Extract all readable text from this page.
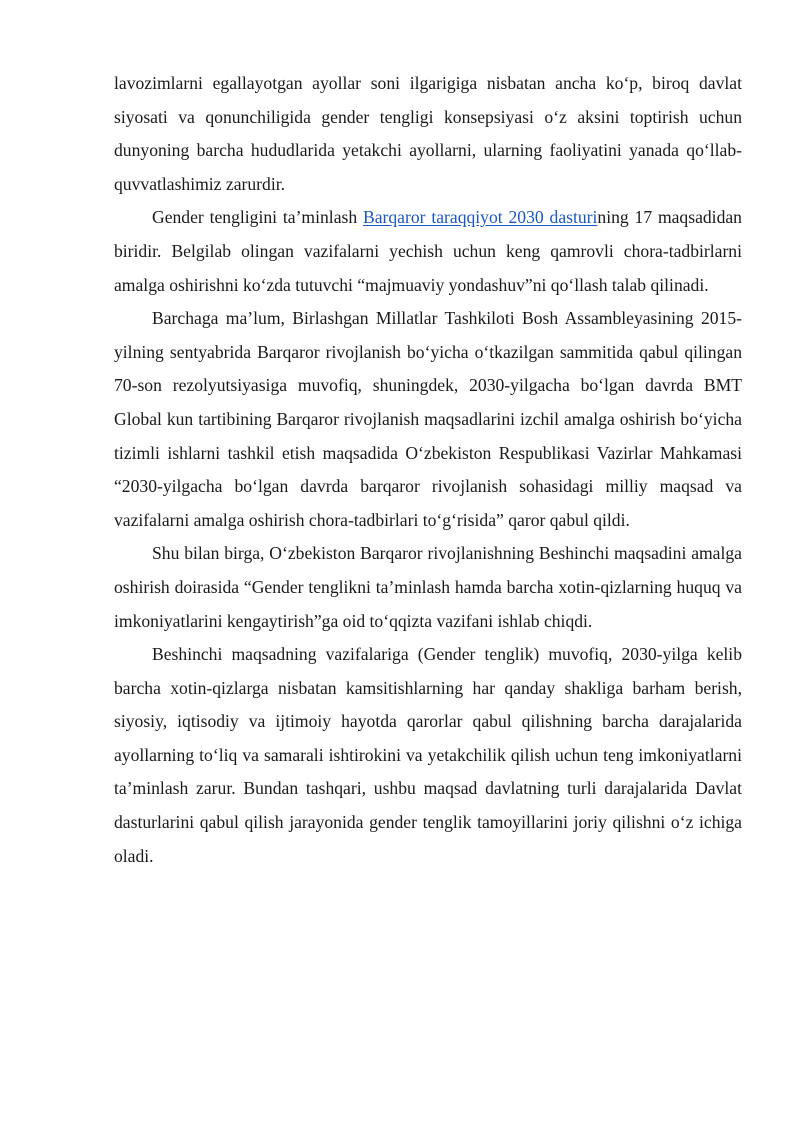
lavozimlarni egallayotgan ayollar soni ilgarigiga nisbatan ancha ko‘p, biroq davlat siyosati va qonunchiligida gender tengligi konsepsiyasi o‘z aksini toptirish uchun dunyoning barcha hududlarida yetakchi ayollarni, ularning faoliyatini yanada qo‘llab-quvvatlashimiz zarurdir.

Gender tengligini ta’minlash Barqaror taraqqiyot 2030 dasturining 17 maqsadidan biridir. Belgilab olingan vazifalarni yechish uchun keng qamrovli chora-tadbirlarni amalga oshirishni ko‘zda tutuvchi “majmuaviy yondashuv”ni qo‘llash talab qilinadi.

Barchaga ma’lum, Birlashgan Millatlar Tashkiloti Bosh Assambleyasining 2015-yilning sentyabrida Barqaror rivojlanish bo‘yicha o‘tkazilgan sammitida qabul qilingan 70-son rezolyutsiyasiga muvofiq, shuningdek, 2030-yilgacha bo‘lgan davrda BMT Global kun tartibining Barqaror rivojlanish maqsadlarini izchil amalga oshirish bo‘yicha tizimli ishlarni tashkil etish maqsadida O‘zbekiston Respublikasi Vazirlar Mahkamasi “2030-yilgacha bo‘lgan davrda barqaror rivojlanish sohasidagi milliy maqsad va vazifalarni amalga oshirish chora-tadbirlari to‘g‘risida” qaror qabul qildi.

Shu bilan birga, O‘zbekiston Barqaror rivojlanishning Beshinchi maqsadini amalga oshirish doirasida “Gender tenglikni ta’minlash hamda barcha xotin-qizlarning huquq va imkoniyatlarini kengaytirish”ga oid to‘qqizta vazifani ishlab chiqdi.

Beshinchi maqsadning vazifalariga (Gender tenglik) muvofiq, 2030-yilga kelib barcha xotin-qizlarga nisbatan kamsitishlarning har qanday shakliga barham berish, siyosiy, iqtisodiy va ijtimoiy hayotda qarorlar qabul qilishning barcha darajalarida ayollarning to‘liq va samarali ishtirokini va yetakchilik qilish uchun teng imkoniyatlarni ta’minlash zarur. Bundan tashqari, ushbu maqsad davlatning turli darajalarida Davlat dasturlarini qabul qilish jarayonida gender tenglik tamoyillarini joriy qilishni o‘z ichiga oladi.
